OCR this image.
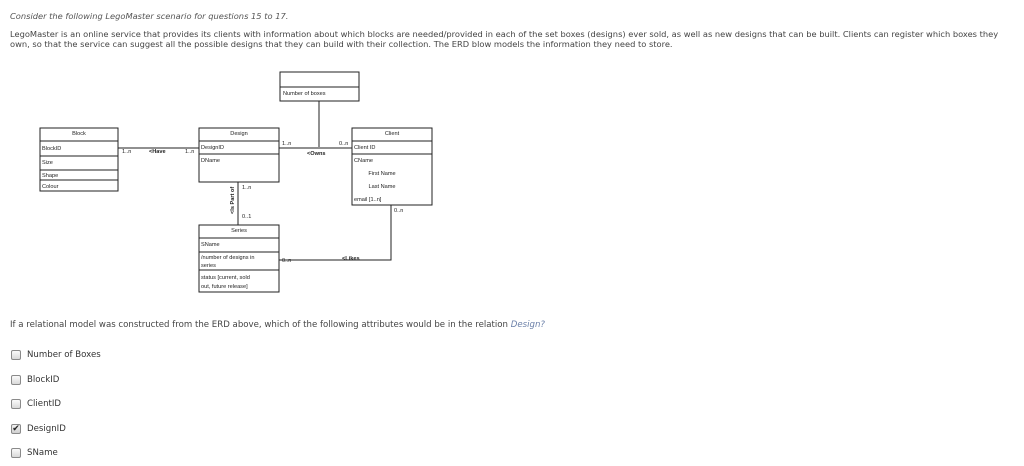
Consider the following LegoMaster scenario for questions 15 to 17.
LegoMaster is an online service that provides its clients with information about which blocks are needed/provided in each of the set boxes (designs) ever sold, as well as new designs that can be built. Clients can register which boxes they own, so that the service can suggest all the possible designs that they can build with their collection. The ERD blow models the information they need to store.
Number of boxes
Block
BlockID
Size
Shape
Colour
Design
DesignID
DName
Client
Client ID
CName
First Name
Last Name
email [1..n]
Series
SName
/number of designs in
series
status [current, sold
out, future release]
<Have	<Owns
<Likes
<Is Part of
1..n	1..n
1..n	0..n
1..n
0..1
0..n
0..n
If a relational model was constructed from the ERD above, which of the following attributes would be in the relation Design?
Number of Boxes
BlockID
ClientID
✔ DesignID
SName
